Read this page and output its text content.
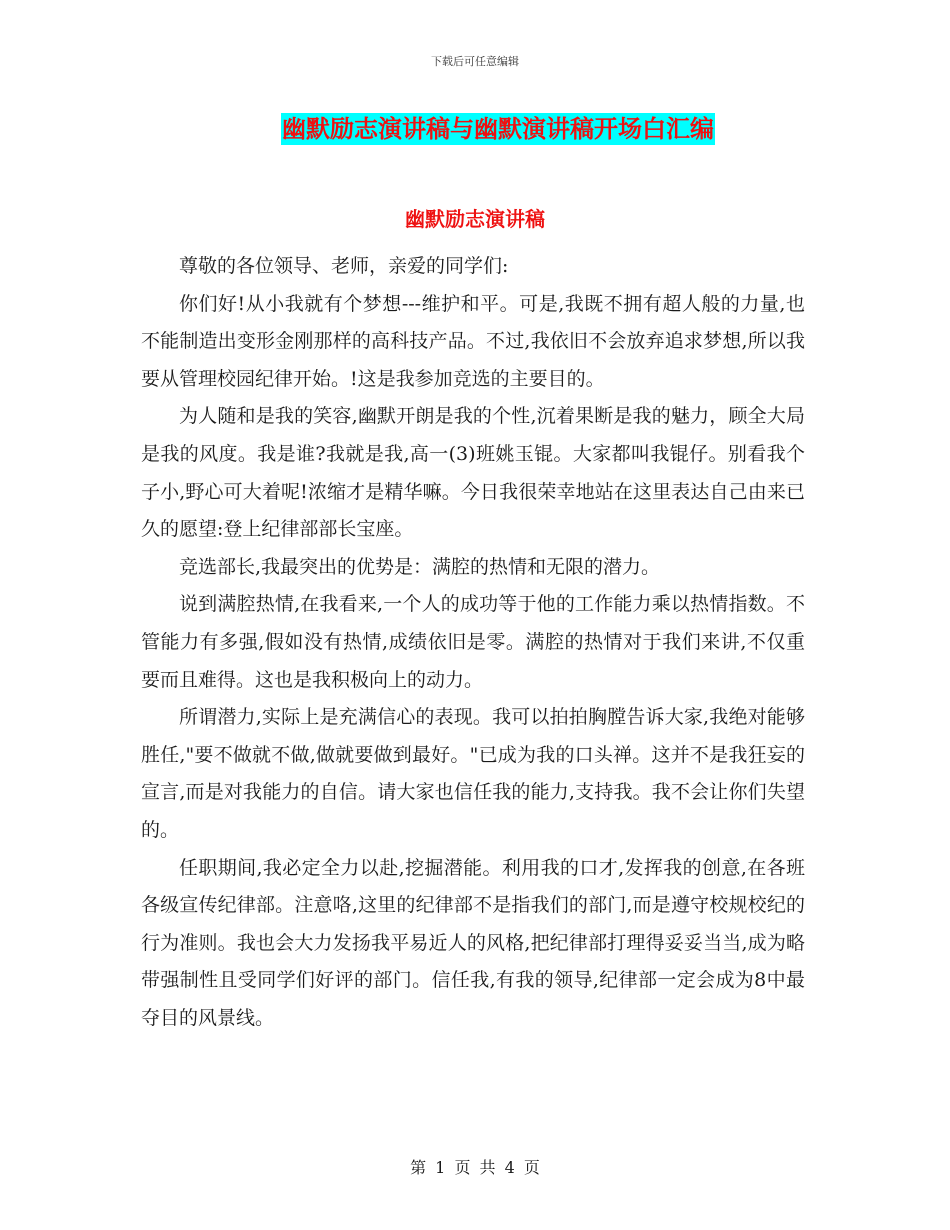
下载后可任意编辑
幽默励志演讲稿与幽默演讲稿开场白汇编
幽默励志演讲稿

尊敬的各位领导、老师，亲爱的同学们:

你们好!从小我就有个梦想---维护和平。可是,我既不拥有超人般的力量,也不能制造出变形金刚那样的高科技产品。不过,我依旧不会放弃追求梦想,所以我要从管理校园纪律开始。!这是我参加竞选的主要目的。

为人随和是我的笑容,幽默开朗是我的个性,沉着果断是我的魅力，顾全大局是我的风度。我是谁?我就是我,高一(3)班姚玉锟。大家都叫我锟仔。别看我个子小,野心可大着呢!浓缩才是精华嘛。今日我很荣幸地站在这里表达自己由来已久的愿望:登上纪律部部长宝座。

竞选部长,我最突出的优势是：满腔的热情和无限的潜力。

说到满腔热情,在我看来,一个人的成功等于他的工作能力乘以热情指数。不管能力有多强,假如没有热情,成绩依旧是零。满腔的热情对于我们来讲,不仅重要而且难得。这也是我积极向上的动力。

所谓潜力,实际上是充满信心的表现。我可以拍拍胸膛告诉大家,我绝对能够胜任,"要不做就不做,做就要做到最好。"已成为我的口头禅。这并不是我狂妄的宣言,而是对我能力的自信。请大家也信任我的能力,支持我。我不会让你们失望的。

任职期间,我必定全力以赴,挖掘潜能。利用我的口才,发挥我的创意,在各班各级宣传纪律部。注意咯,这里的纪律部不是指我们的部门,而是遵守校规校纪的行为准则。我也会大力发扬我平易近人的风格,把纪律部打理得妥妥当当,成为略带强制性且受同学们好评的部门。信任我,有我的领导,纪律部一定会成为8中最夺目的风景线。

第 1 页 共 4 页
